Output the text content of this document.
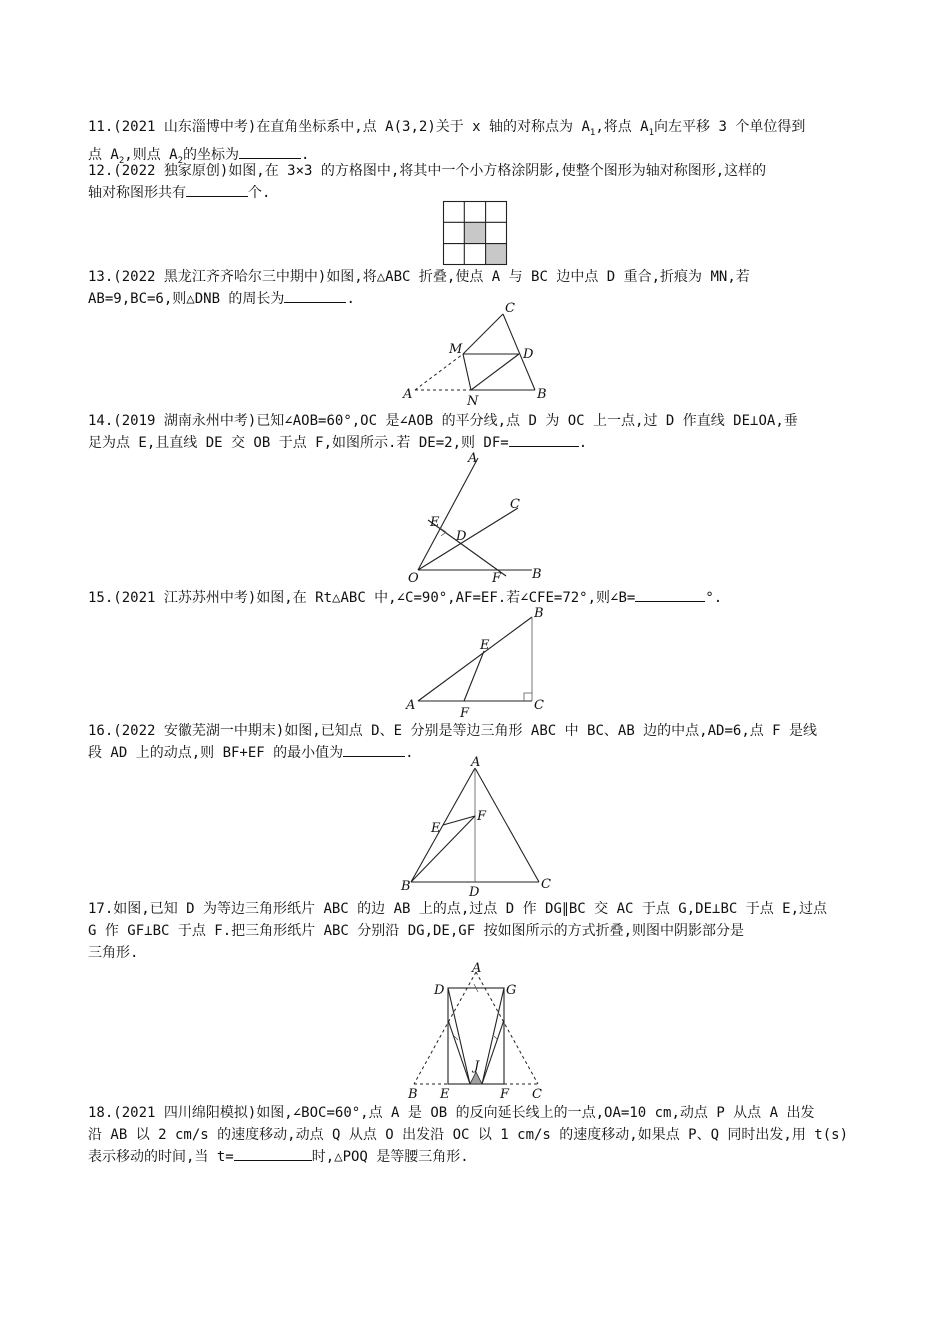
11.(2021 山东淄博中考)在直角坐标系中,点 A(3,2)关于 x 轴的对称点为 $A_1$,将点 $A_1$向左平移 3 个单位得到

点 $A_2$,则点 $A_2$的坐标为	.

12.(2022 独家原创)如图,在 3×3 的方格图中,将其中一个小方格涂阴影,使整个图形为轴对称图形,这样的

轴对称图形共有	个.

13.(2022 黑龙江齐齐哈尔三中期中)如图,将△ABC 折叠,使点 A 与 BC 边中点 D 重合,折痕为 MN,若

AB=9,BC=6,则△DNB 的周长为	.

C
M	D
A	B
N

14.(2019 湖南永州中考)已知∠AOB=60°,OC 是∠AOB 的平分线,点 D 为 OC 上一点,过 D 作直线 DE⊥OA,垂

足为点 E,且直线 DE 交 OB 于点 F,如图所示.若 DE=2,则 DF=	.

A
C
E
D
O	F B

15.(2021 江苏苏州中考)如图,在 Rt△ABC 中,∠C=90°,AF=EF.若∠CFE=72°,则∠B=	°.

B
E
A
F
C

16.(2022 安徽芜湖一中期末)如图,已知点 D、E 分别是等边三角形 ABC 中 BC、AB 边的中点,AD=6,点 F 是线

段 AD 上的动点,则 BF+EF 的最小值为	.

A
F
E
B	C
D

17.如图,已知 D 为等边三角形纸片 ABC 的边 AB 上的点,过点 D 作 DG∥BC 交 AC 于点 G,DE⊥BC 于点 E,过点

G 作 GF⊥BC 于点 F.把三角形纸片 ABC 分别沿 DG,DE,GF 按如图所示的方式折叠,则图中阴影部分是

三角形.

A
D	G
J
B E	F C

18.(2021 四川绵阳模拟)如图,∠BOC=60°,点 A 是 OB 的反向延长线上的一点,OA=10 cm,动点 P 从点 A 出发

沿 AB 以 2 cm/s 的速度移动,动点 Q 从点 O 出发沿 OC 以 1 cm/s 的速度移动,如果点 P、Q 同时出发,用 t(s)

表示移动的时间,当 t=	时,△POQ 是等腰三角形.
